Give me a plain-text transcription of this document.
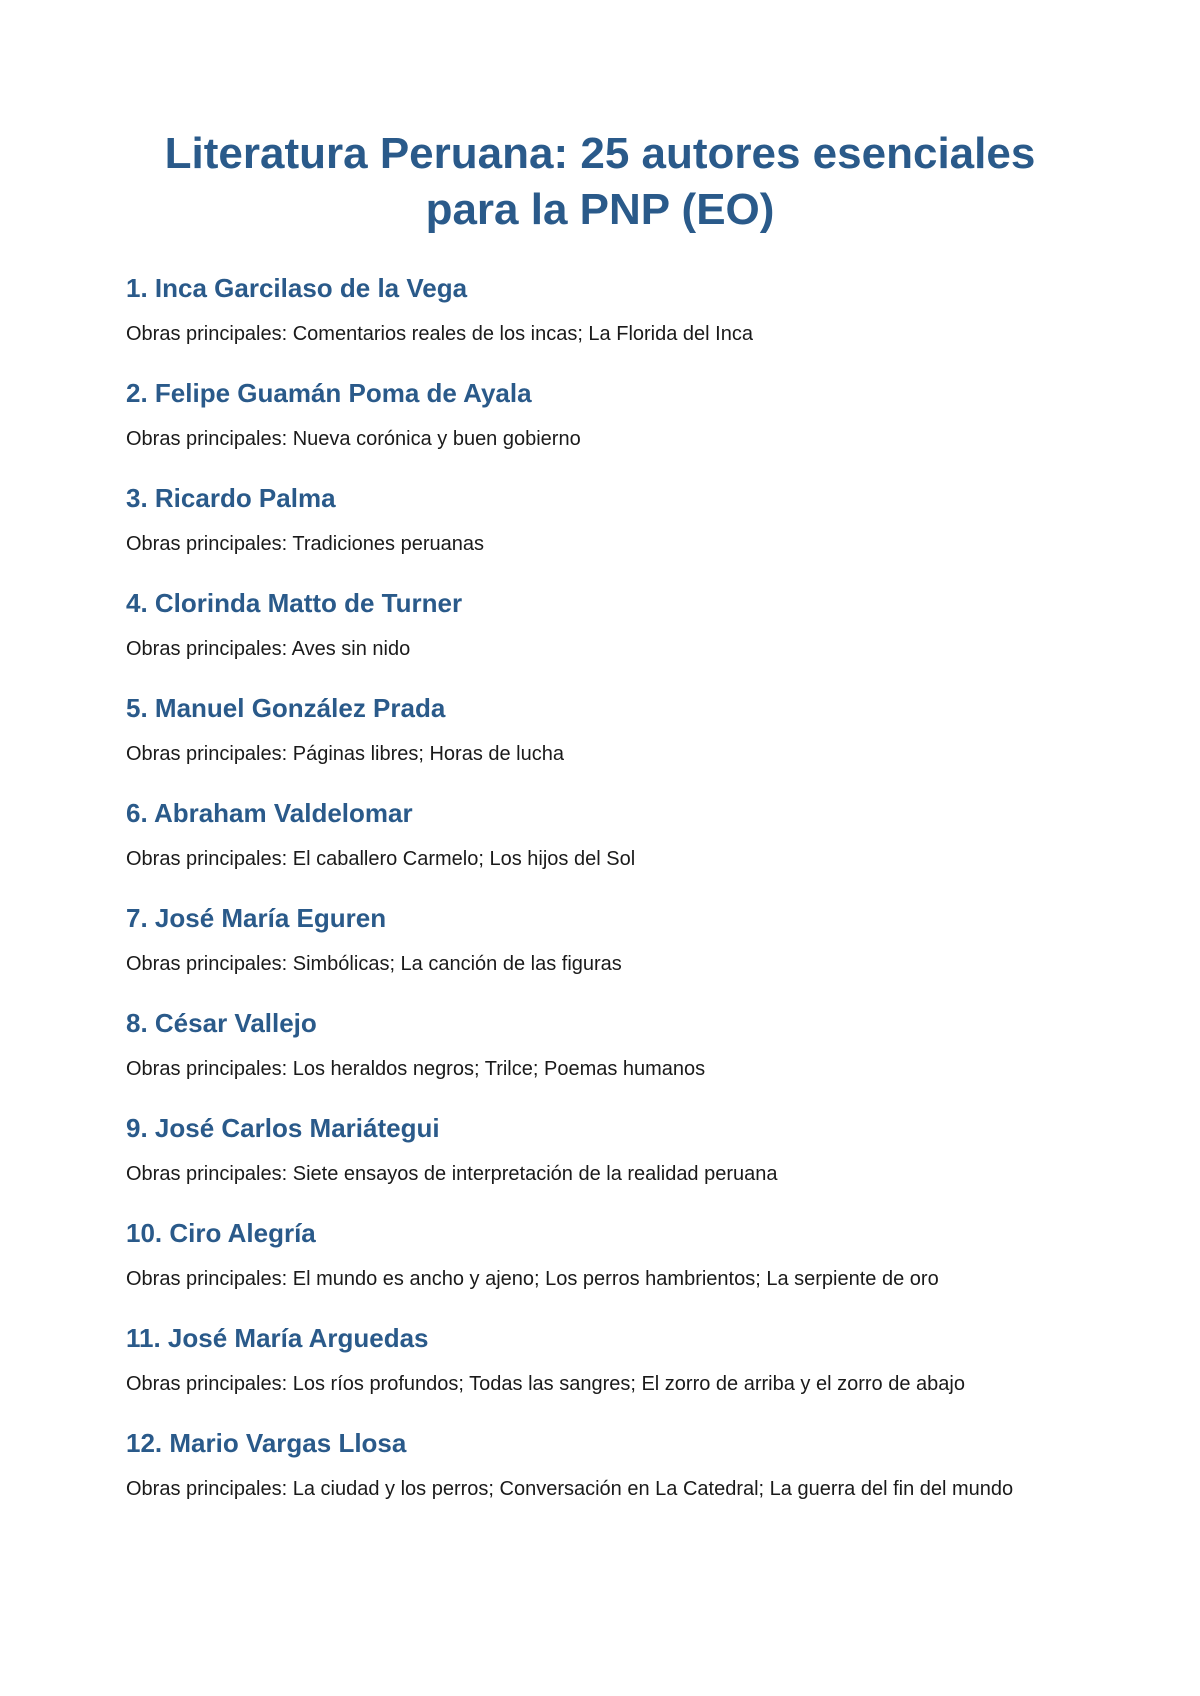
Literatura Peruana: 25 autores esenciales
para la PNP (EO)
1. Inca Garcilaso de la Vega

Obras principales: Comentarios reales de los incas; La Florida del Inca

2. Felipe Guamán Poma de Ayala

Obras principales: Nueva corónica y buen gobierno

3. Ricardo Palma

Obras principales: Tradiciones peruanas

4. Clorinda Matto de Turner

Obras principales: Aves sin nido

5. Manuel González Prada

Obras principales: Páginas libres; Horas de lucha

6. Abraham Valdelomar

Obras principales: El caballero Carmelo; Los hijos del Sol

7. José María Eguren

Obras principales: Simbólicas; La canción de las figuras

8. César Vallejo

Obras principales: Los heraldos negros; Trilce; Poemas humanos

9. José Carlos Mariátegui

Obras principales: Siete ensayos de interpretación de la realidad peruana

10. Ciro Alegría

Obras principales: El mundo es ancho y ajeno; Los perros hambrientos; La serpiente de oro

11. José María Arguedas

Obras principales: Los ríos profundos; Todas las sangres; El zorro de arriba y el zorro de abajo

12. Mario Vargas Llosa

Obras principales: La ciudad y los perros; Conversación en La Catedral; La guerra del fin del mundo
